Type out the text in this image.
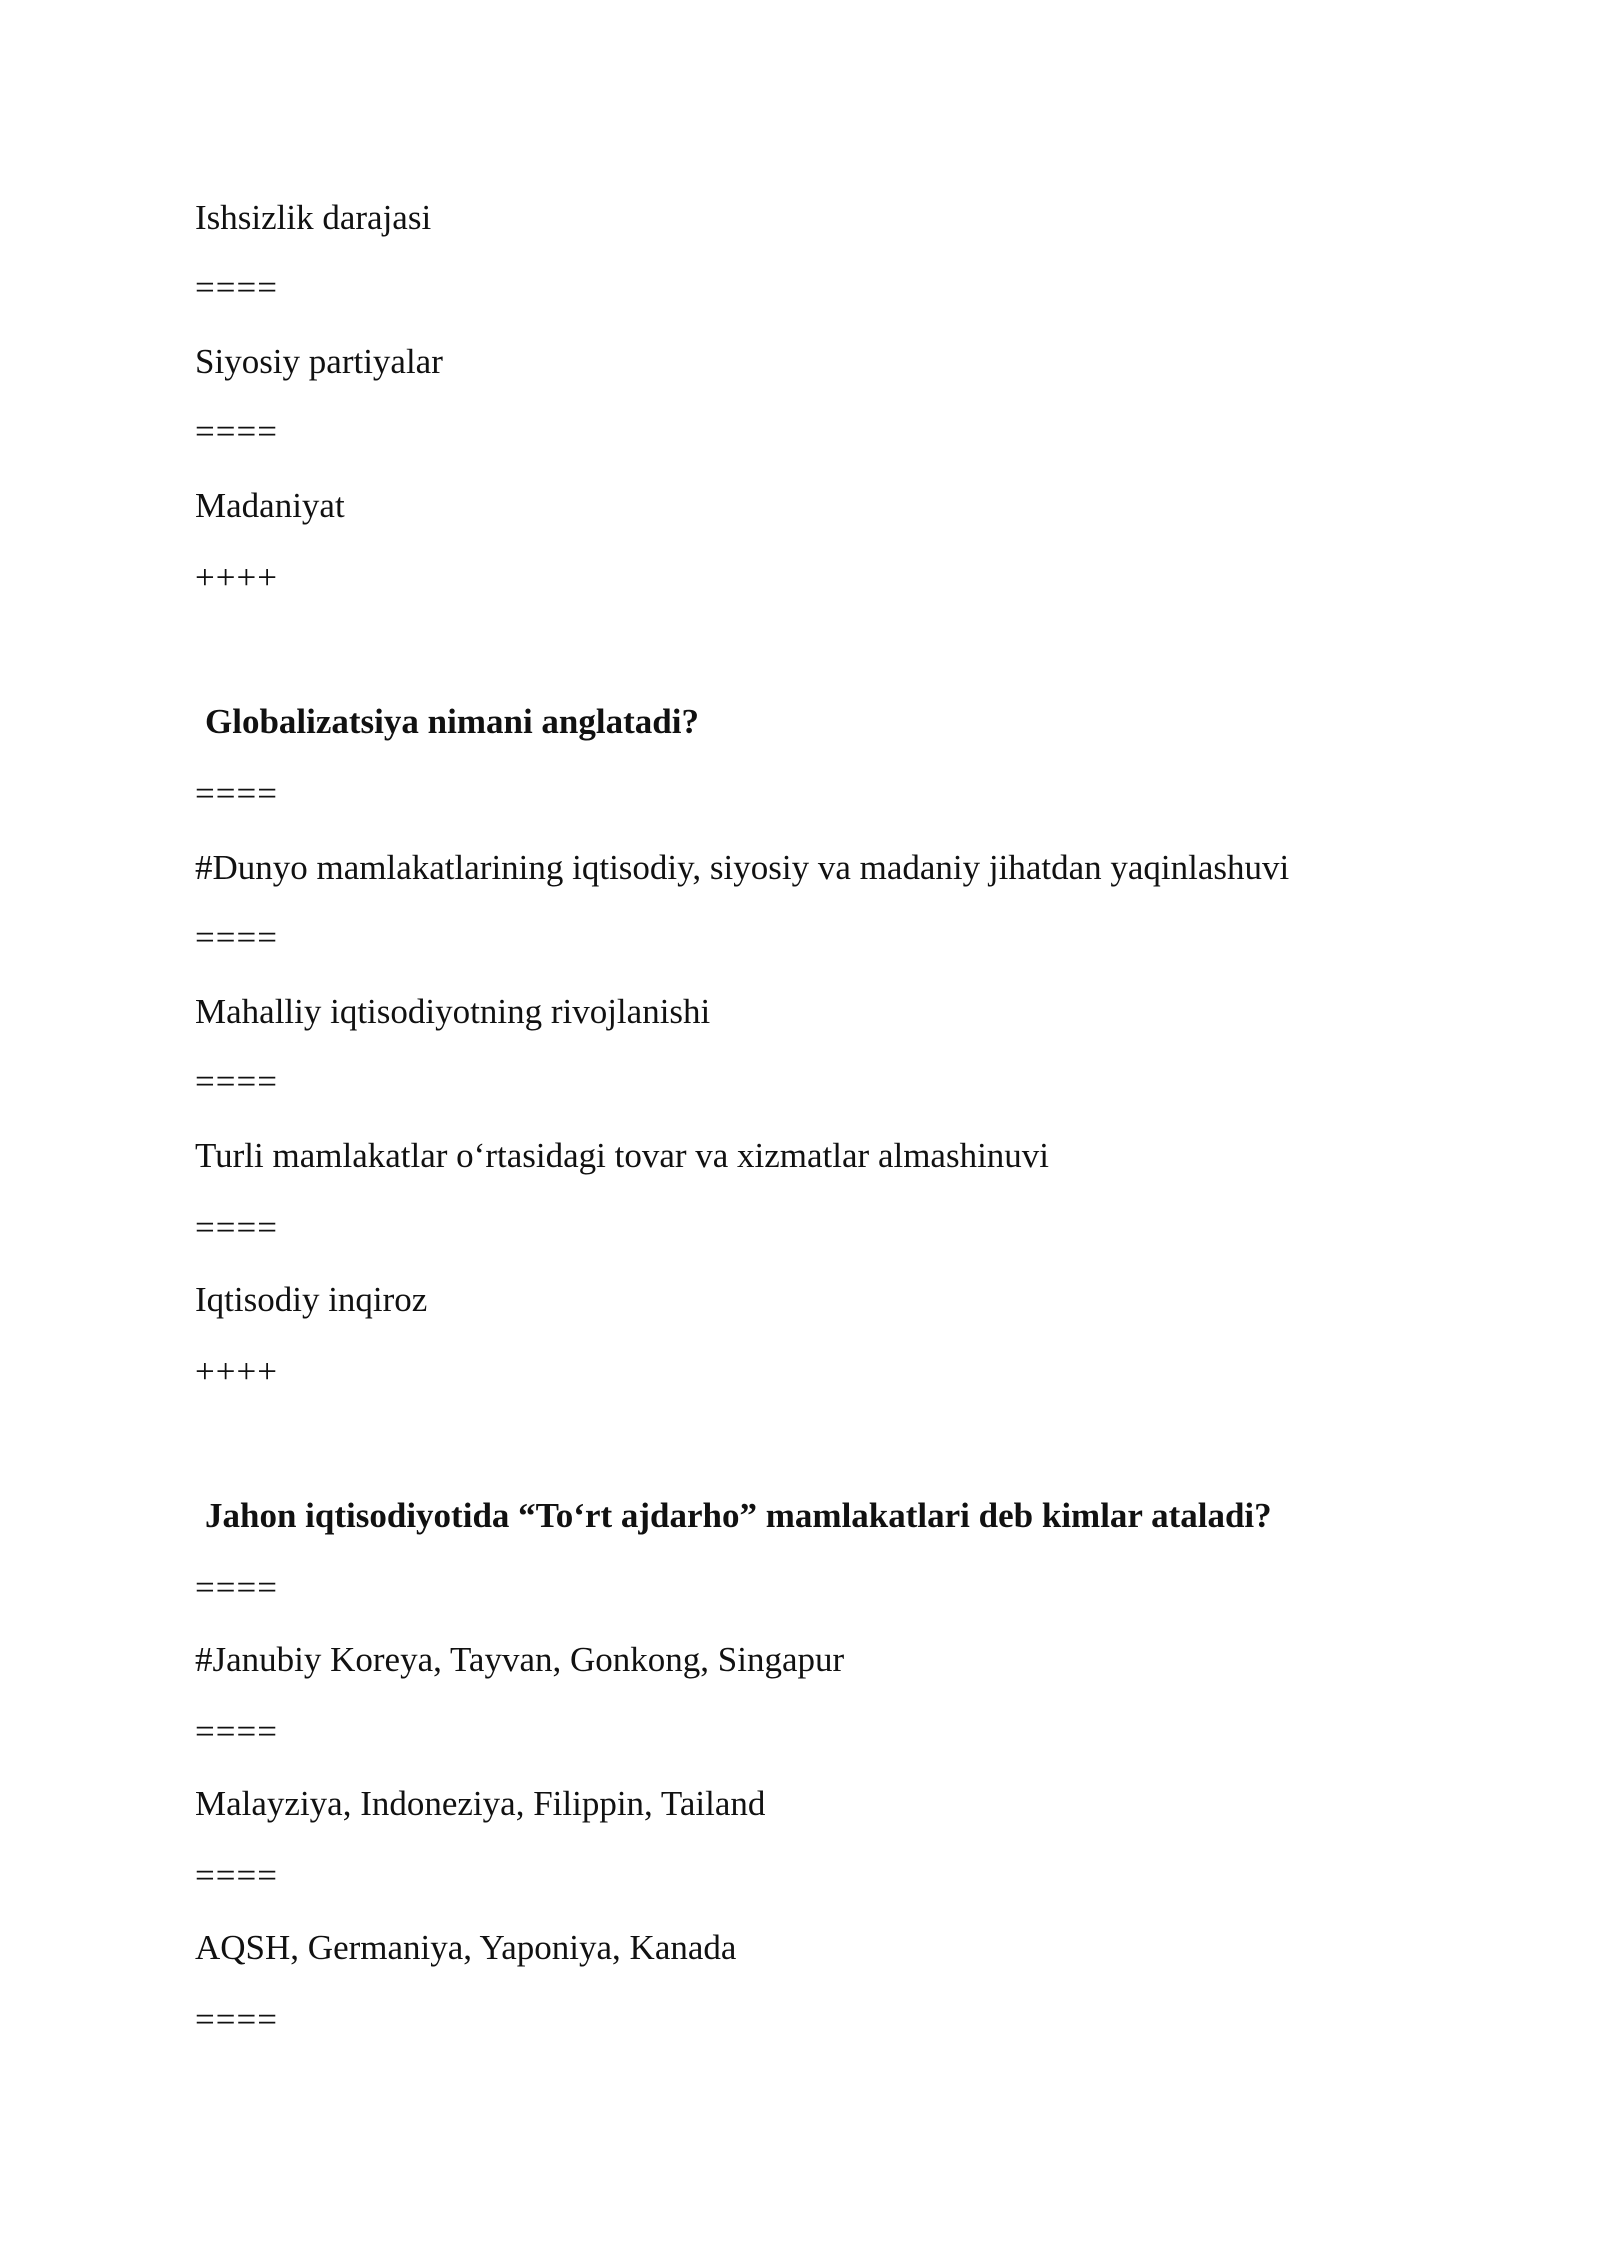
Ishsizlik darajasi
====
Siyosiy partiyalar
====
Madaniyat
++++
Globalizatsiya nimani anglatadi?
====
#Dunyo mamlakatlarining iqtisodiy, siyosiy va madaniy jihatdan yaqinlashuvi
====
Mahalliy iqtisodiyotning rivojlanishi
====
Turli mamlakatlar o‘rtasidagi tovar va xizmatlar almashinuvi
====
Iqtisodiy inqiroz
++++
Jahon iqtisodiyotida “To‘rt ajdarho” mamlakatlari deb kimlar ataladi?
====
#Janubiy Koreya, Tayvan, Gonkong, Singapur
====
Malayziya, Indoneziya, Filippin, Tailand
====
AQSH, Germaniya, Yaponiya, Kanada
====
